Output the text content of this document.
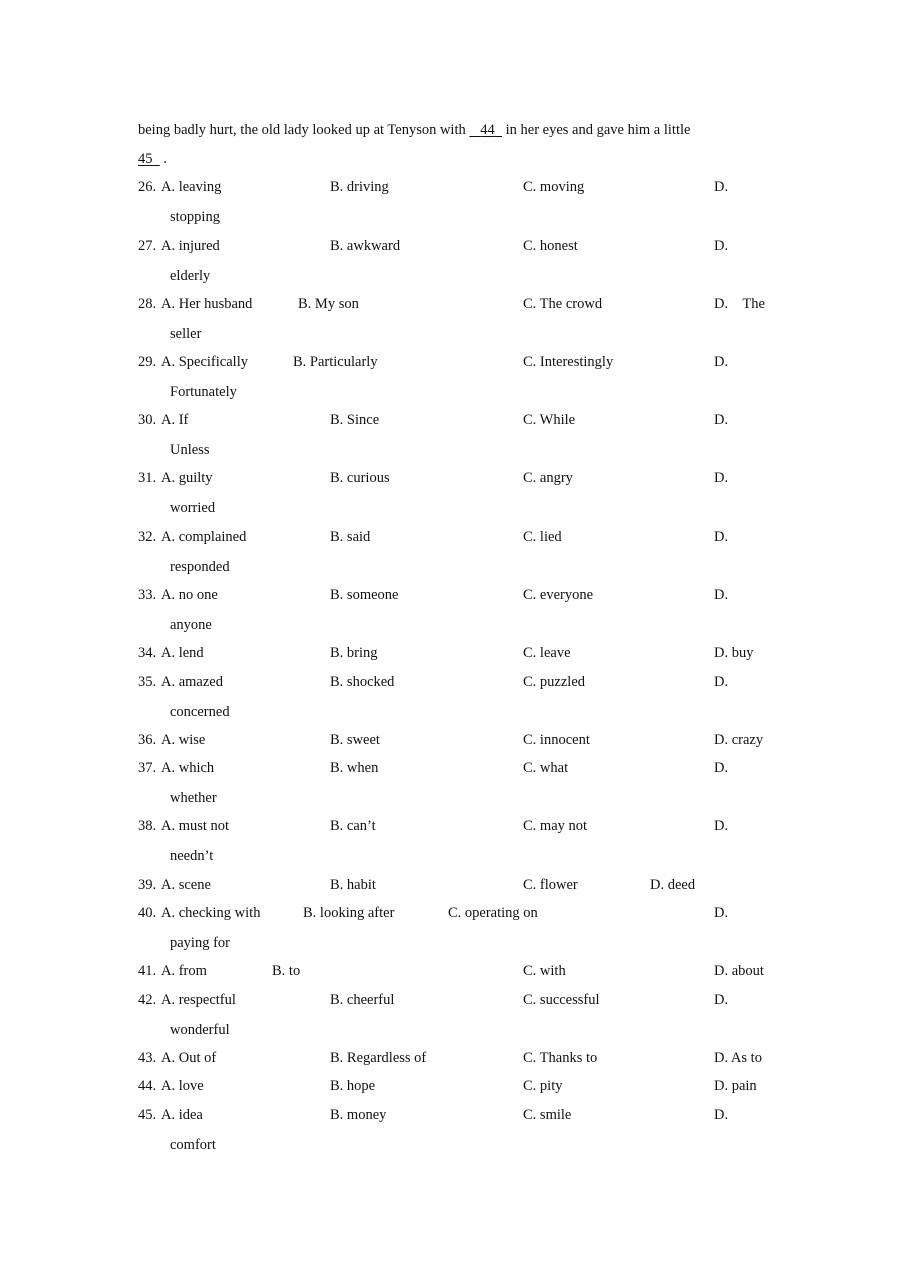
being badly hurt, the old lady looked up at Tenyson with    44   in her eyes and gave him a little
45   .
26. A. leaving	B. driving	C. moving	D.
stopping
27. A. injured	B. awkward	C. honest	D.
elderly
28. A. Her husband	B. My son	C. The crowd	D.    The
seller
29. A. Specifically	B. Particularly	C. Interestingly	D.
Fortunately
30. A. If	B. Since	C. While	D.
Unless
31. A. guilty	B. curious	C. angry	D.
worried
32. A. complained	B. said	C. lied	D.
responded
33. A. no one	B. someone	C. everyone	D.
anyone
34. A. lend	B. bring	C. leave	D. buy
35. A. amazed	B. shocked	C. puzzled	D.
concerned
36. A. wise	B. sweet	C. innocent	D. crazy
37. A. which	B. when	C. what	D.
whether
38. A. must not	B. can’t	C. may not	D.
needn’t
39. A. scene	B. habit	C. flower	D. deed
40. A. checking with	B. looking after	C. operating on	D.
paying for
41. A. from	B. to	C. with	D. about
42. A. respectful	B. cheerful	C. successful	D.
wonderful
43. A. Out of	B. Regardless of	C. Thanks to	D. As to
44. A. love	B. hope	C. pity	D. pain
45. A. idea	B. money	C. smile	D.
comfort
